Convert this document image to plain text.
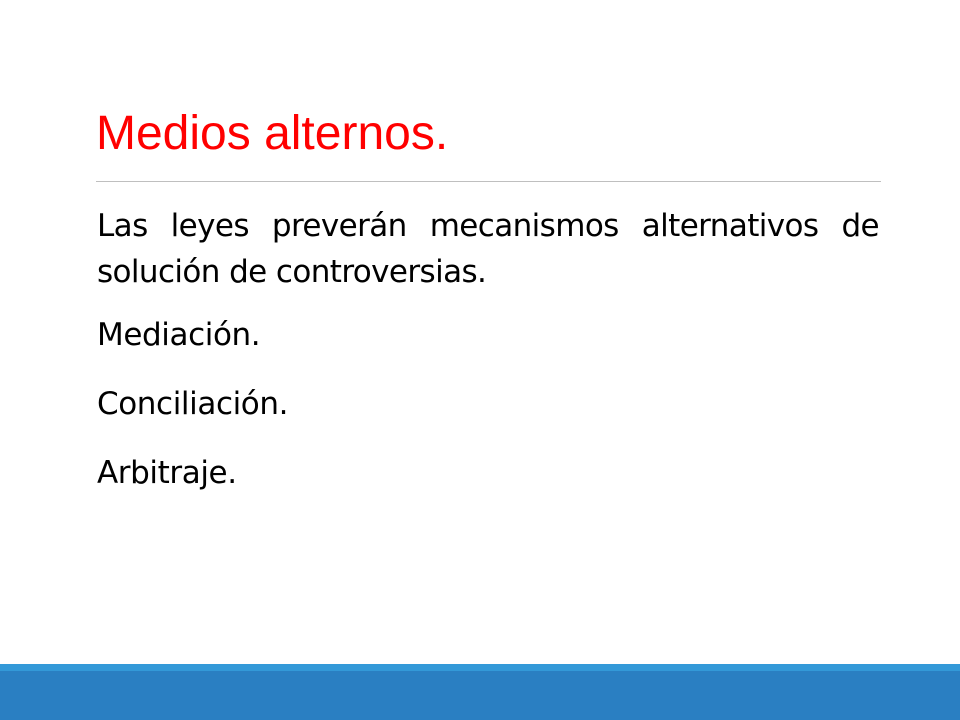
Medios alternos.

Las leyes preverán mecanismos alternativos de solución de controversias.

Mediación.
Conciliación.
Arbitraje.
